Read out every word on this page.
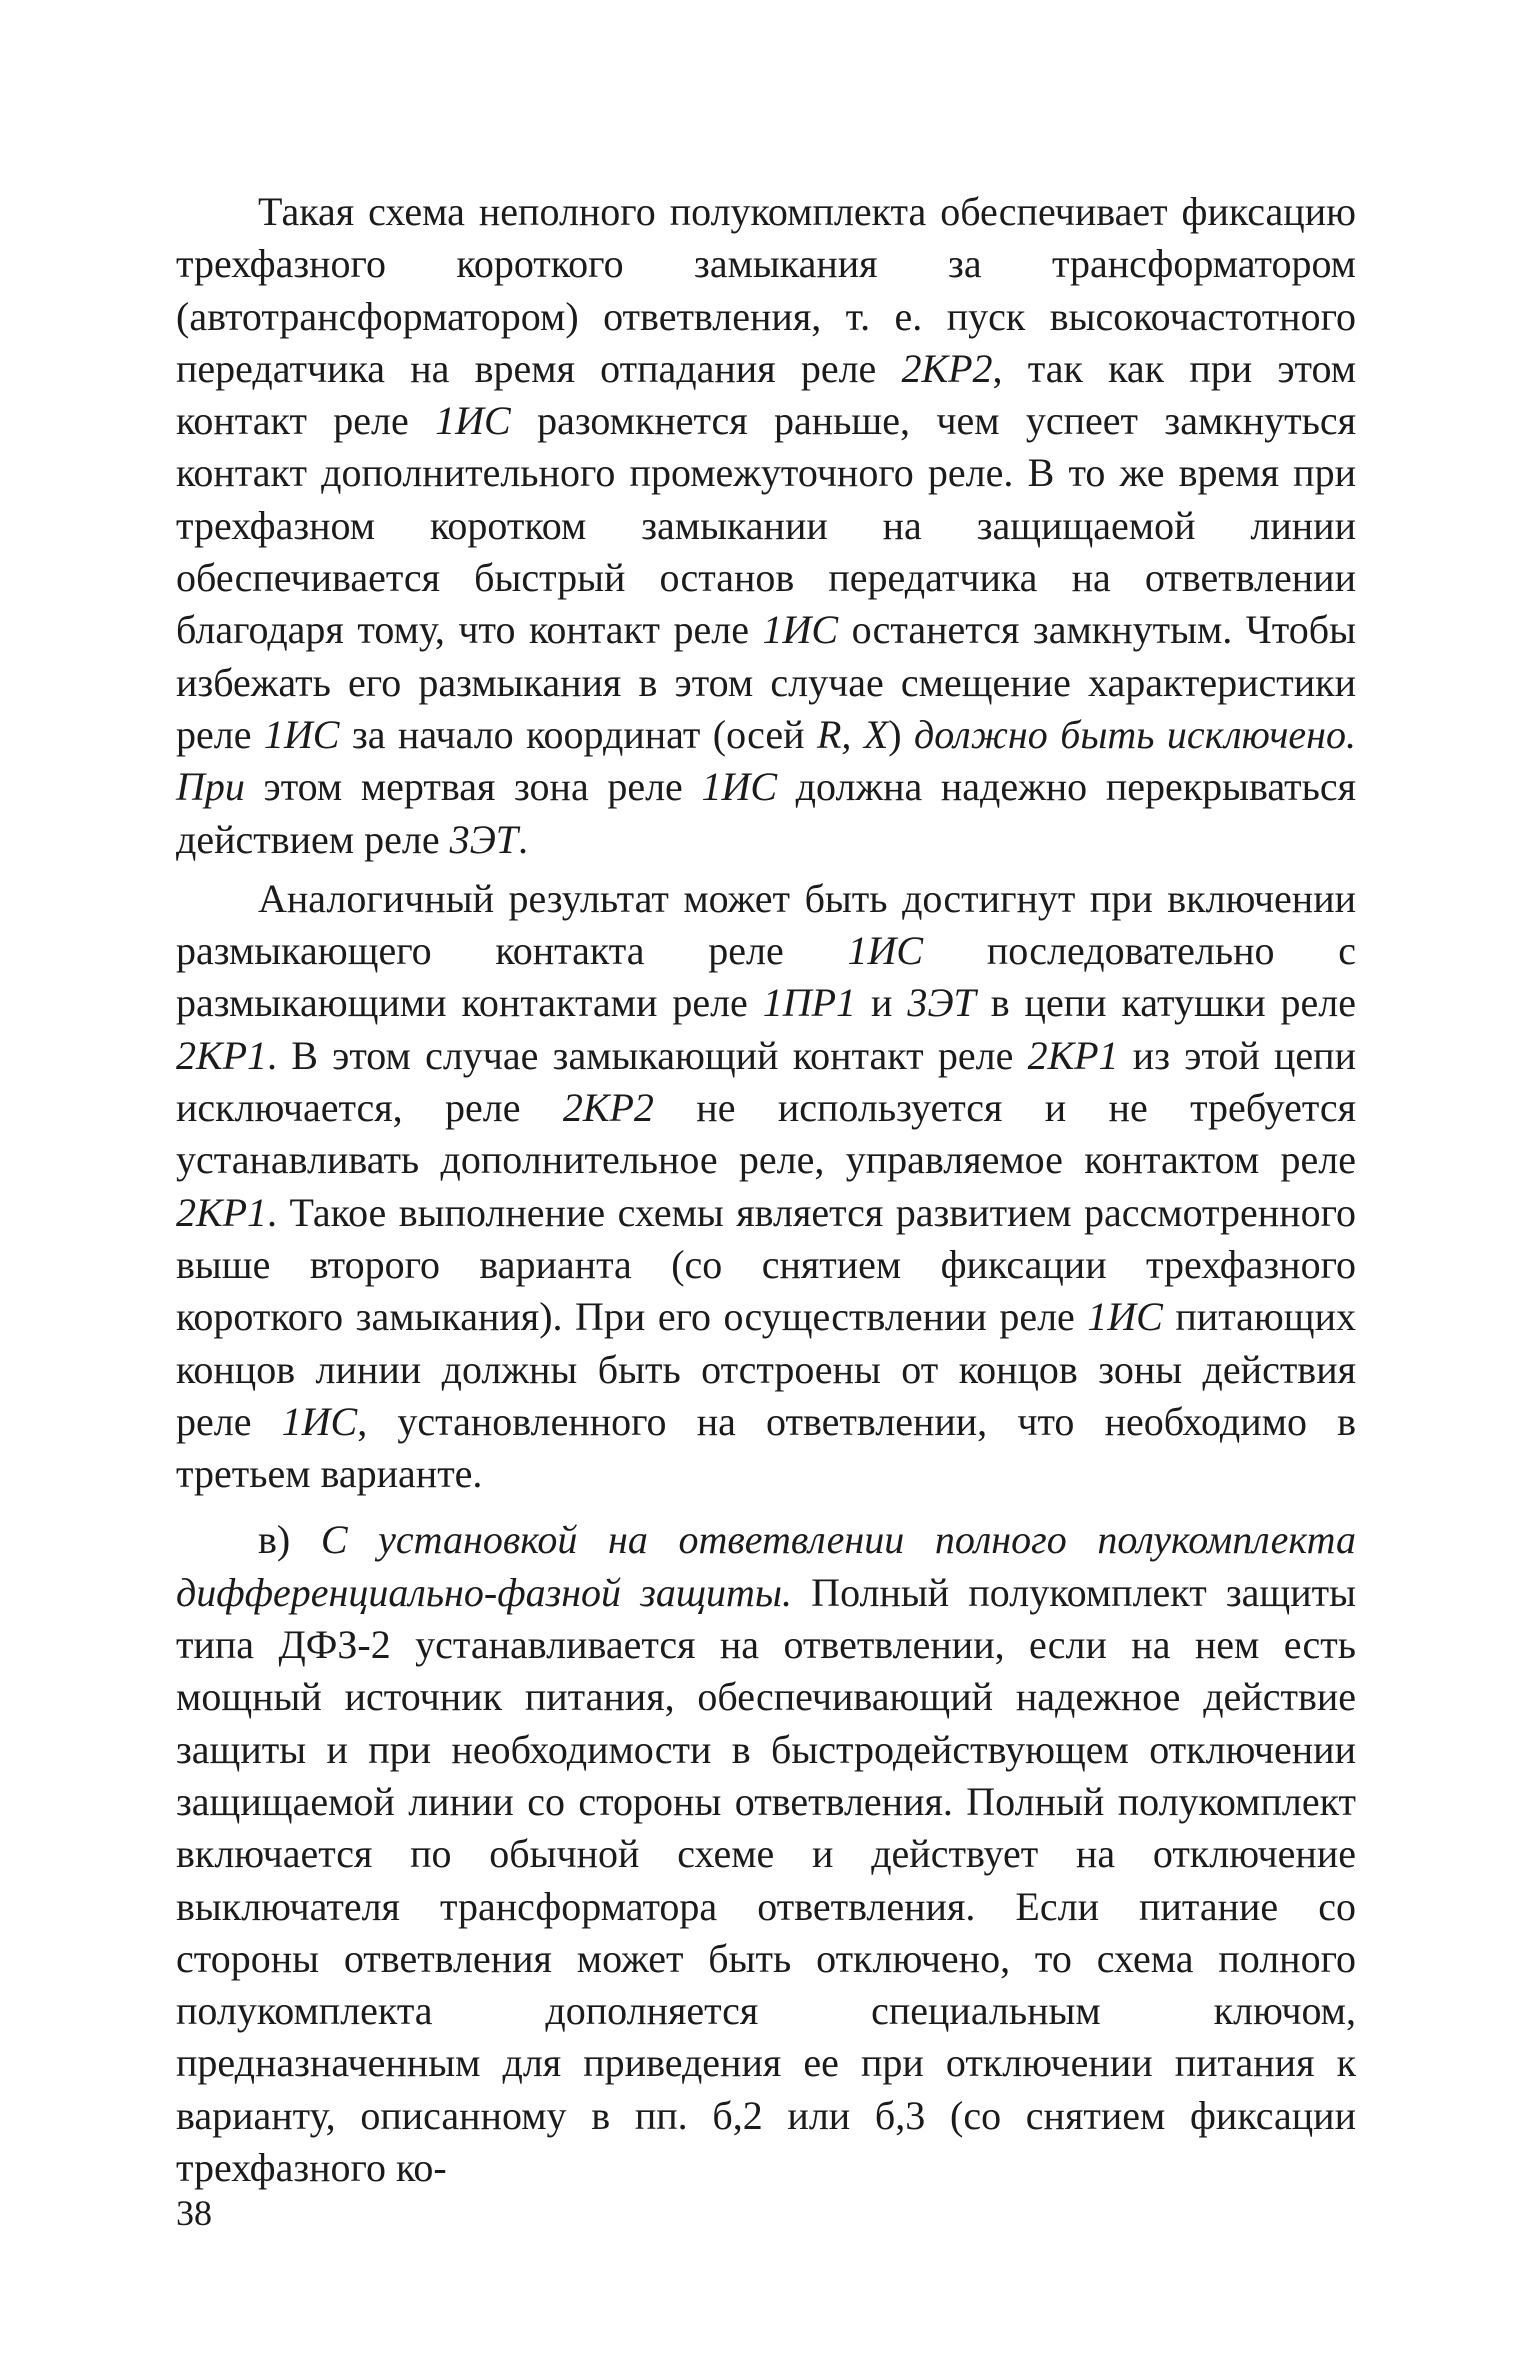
Такая схема неполного полукомплекта обеспечивает фиксацию трехфазного короткого замыкания за трансформатором (автотрансформатором) ответвления, т. е. пуск высокочастотного передатчика на время отпадания реле 2КР2, так как при этом контакт реле 1ИС разомкнется раньше, чем успеет замкнуться контакт дополнительного промежуточного реле. В то же время при трехфазном коротком замыкании на защищаемой линии обеспечивается быстрый останов передатчика на ответвлении благодаря тому, что контакт реле 1ИС останется замкнутым. Чтобы избежать его размыкания в этом случае смещение характеристики реле 1ИС за начало координат (осей R, X) должно быть исключено. При этом мертвая зона реле 1ИС должна надежно перекрываться действием реле 3ЭТ.

Аналогичный результат может быть достигнут при включении размыкающего контакта реле 1ИС последовательно с размыкающими контактами реле 1ПР1 и 3ЭТ в цепи катушки реле 2КР1. В этом случае замыкающий контакт реле 2КР1 из этой цепи исключается, реле 2КР2 не используется и не требуется устанавливать дополнительное реле, управляемое контактом реле 2КР1. Такое выполнение схемы является развитием рассмотренного выше второго варианта (со снятием фиксации трехфазного короткого замыкания). При его осуществлении реле 1ИС питающих концов линии должны быть отстроены от концов зоны действия реле 1ИС, установленного на ответвлении, что необходимо в третьем варианте.

в) С установкой на ответвлении полного полукомплекта дифференциально-фазной защиты. Полный полукомплект защиты типа ДФЗ-2 устанавливается на ответвлении, если на нем есть мощный источник питания, обеспечивающий надежное действие защиты и при необходимости в быстродействующем отключении защищаемой линии со стороны ответвления. Полный полукомплект включается по обычной схеме и действует на отключение выключателя трансформатора ответвления. Если питание со стороны ответвления может быть отключено, то схема полного полукомплекта дополняется специальным ключом, предназначенным для приведения ее при отключении питания к варианту, описанному в пп. б,2 или б,3 (со снятием фиксации трехфазного ко-

38
